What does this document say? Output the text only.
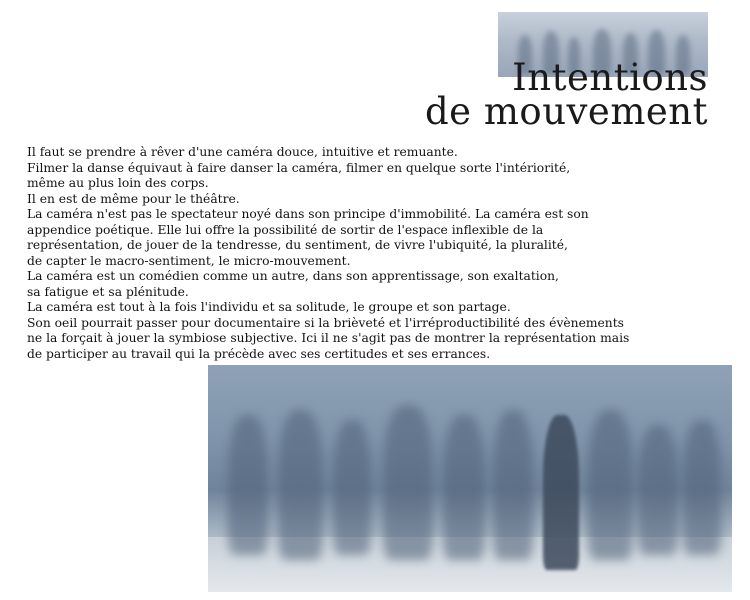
Intentions
de mouvement
Il faut se prendre à rêver d'une caméra douce, intuitive et remuante.
Filmer la danse équivaut à faire danser la caméra, filmer en quelque sorte l'intériorité,
même au plus loin des corps.
Il en est de même pour le théâtre.
La caméra n'est pas le spectateur noyé dans son principe d'immobilité. La caméra est son
appendice poétique. Elle lui offre la possibilité de sortir de l'espace inflexible de la
représentation, de jouer de la tendresse, du sentiment, de vivre l'ubiquité, la pluralité,
de capter le macro-sentiment, le micro-mouvement.
La caméra est un comédien comme un autre, dans son apprentissage, son exaltation,
sa fatigue et sa plénitude.
La caméra est tout à la fois l'individu et sa solitude, le groupe et son partage.
Son oeil pourrait passer pour documentaire si la brièveté et l'irréproductibilité des évènements
ne la forçait à jouer la symbiose subjective. Ici il ne s'agit pas de montrer la représentation mais
de participer au travail qui la précède avec ses certitudes et ses errances.
